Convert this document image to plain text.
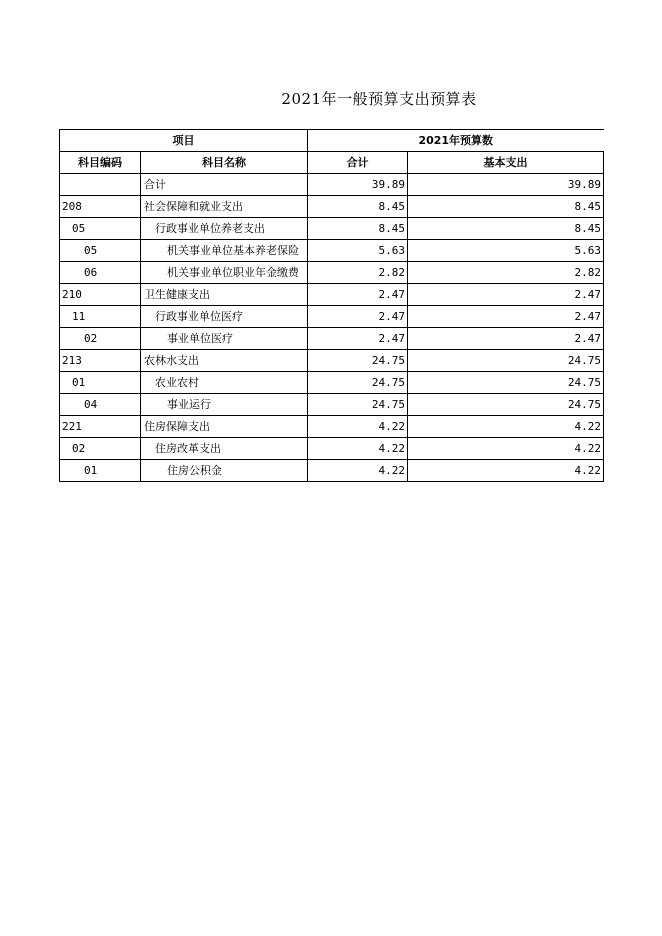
2021年一般预算支出预算表
项目		2021年预算数	
科目编码	科目名称	合计	基本支出
	合计	39.89	39.89
208	社会保障和就业支出	8.45	8.45
05	行政事业单位养老支出	8.45	8.45
05	机关事业单位基本养老保险	5.63	5.63
06	机关事业单位职业年金缴费	2.82	2.82
210	卫生健康支出	2.47	2.47
11	行政事业单位医疗	2.47	2.47
02	事业单位医疗	2.47	2.47
213	农林水支出	24.75	24.75
01	农业农村	24.75	24.75
04	事业运行	24.75	24.75
221	住房保障支出	4.22	4.22
02	住房改革支出	4.22	4.22
01	住房公积金	4.22	4.22
